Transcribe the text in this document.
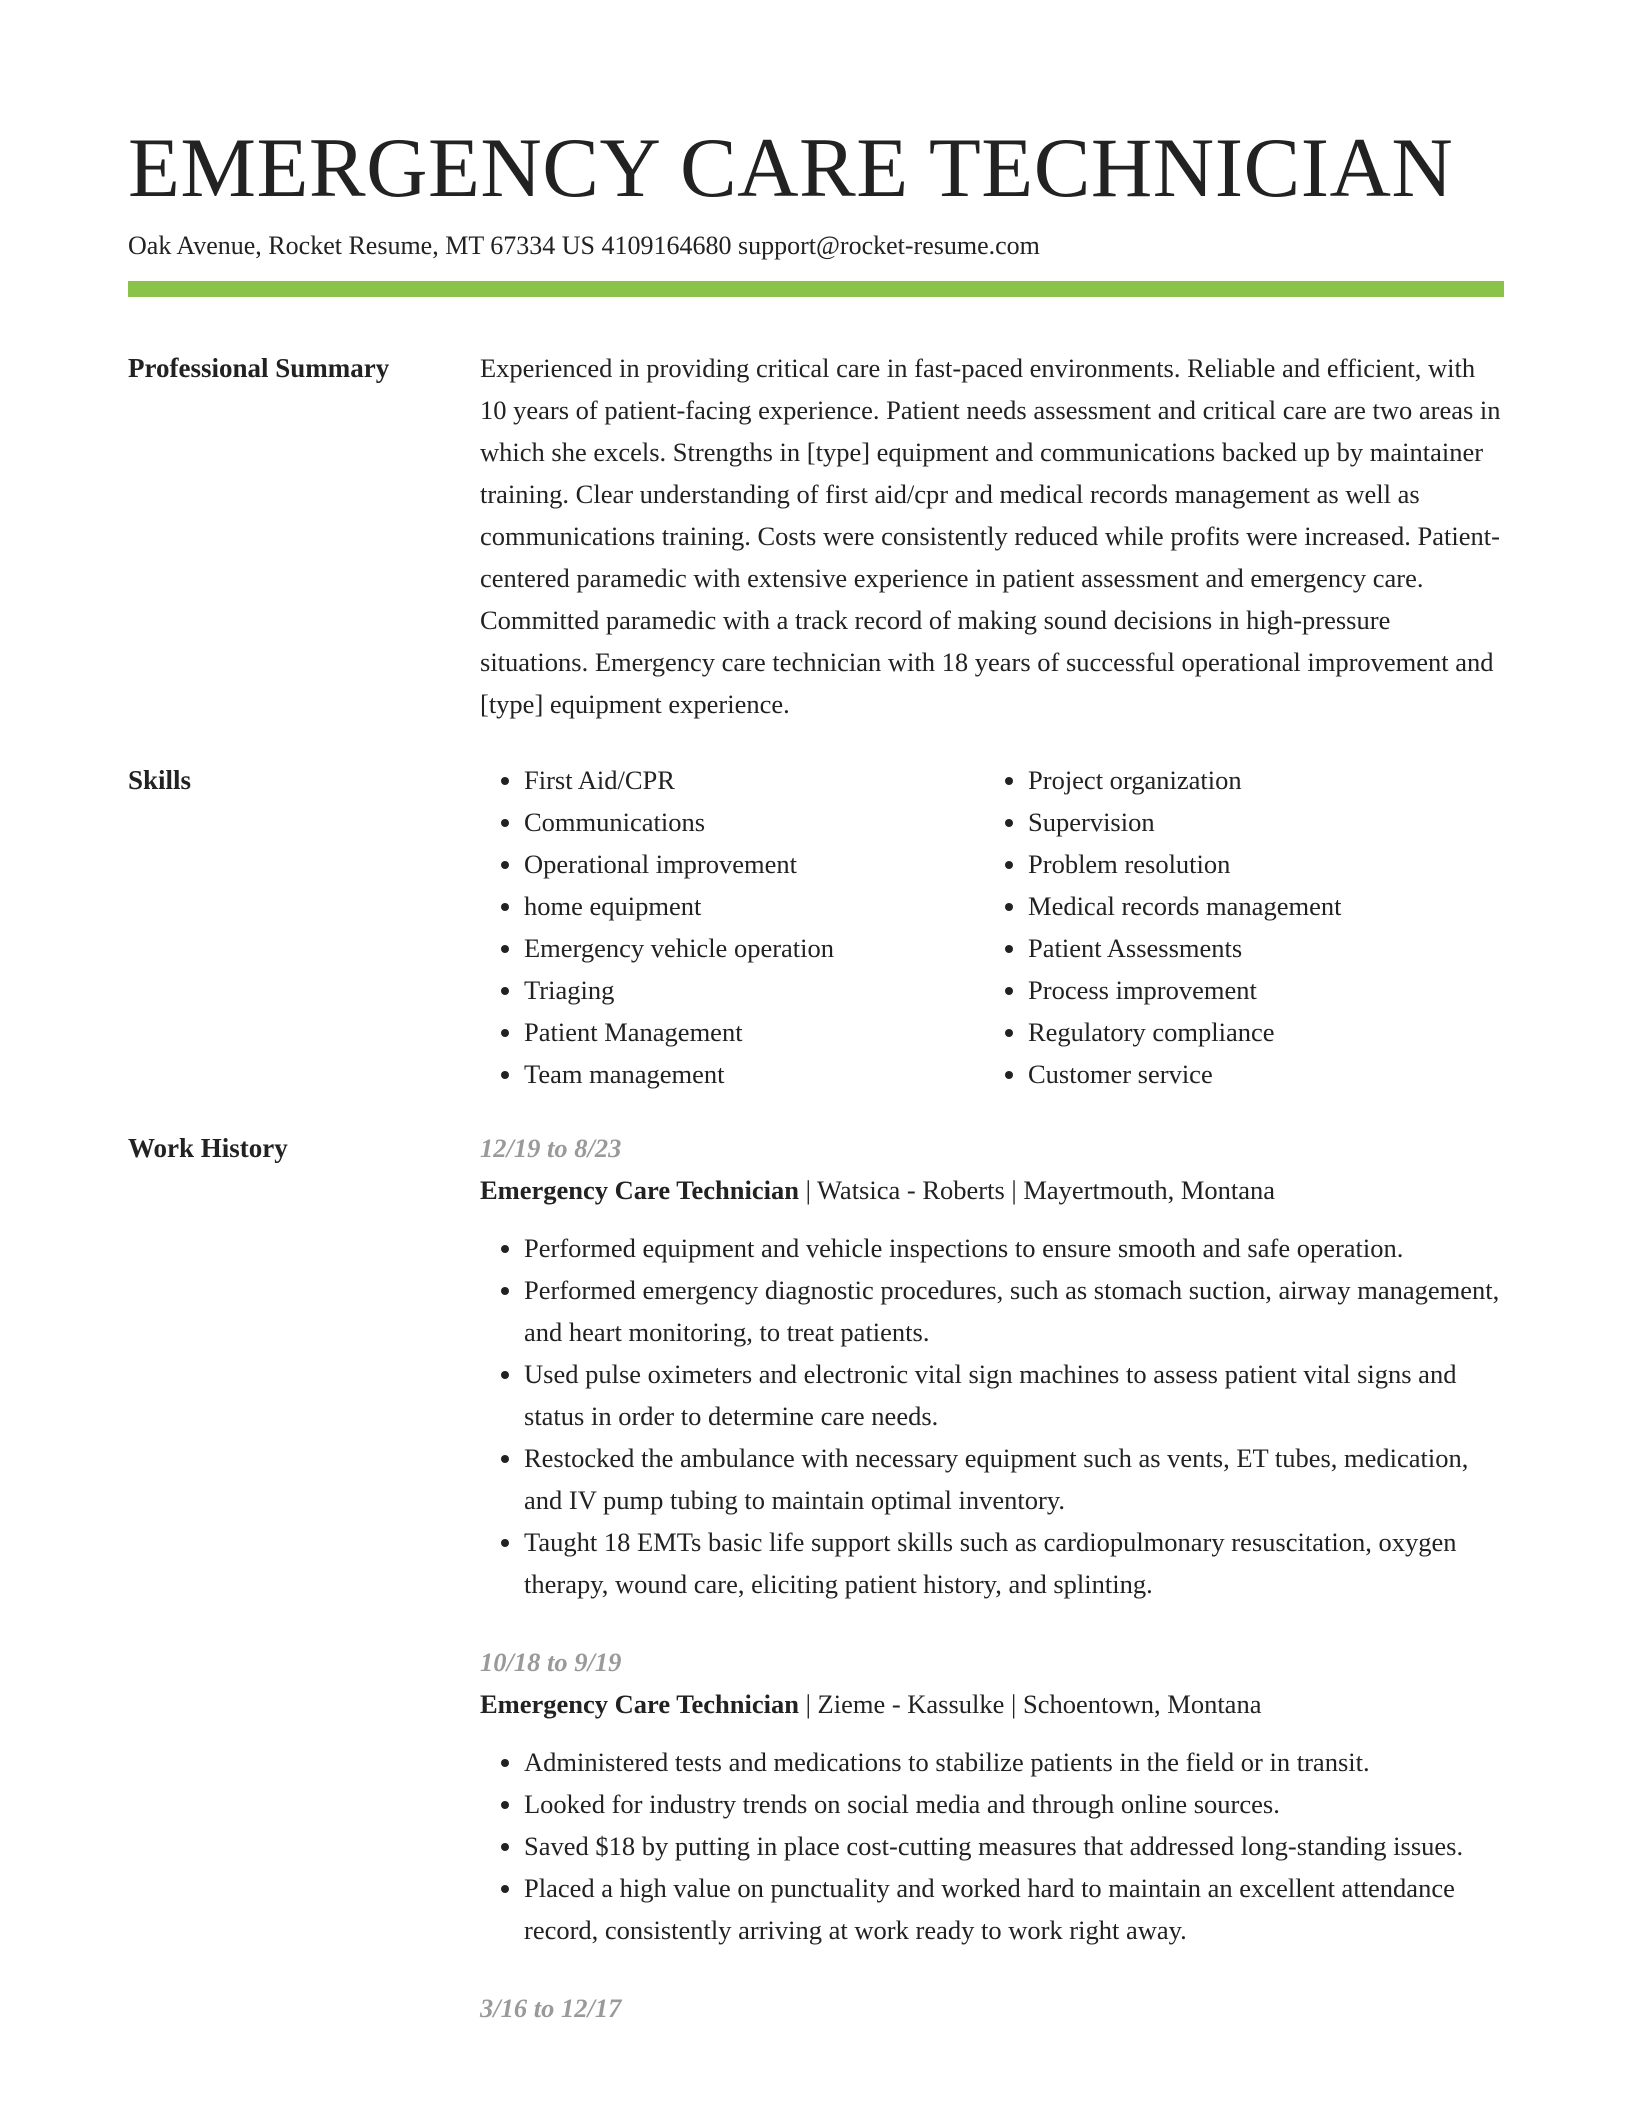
EMERGENCY CARE TECHNICIAN
Oak Avenue, Rocket Resume, MT 67334 US 4109164680 support@rocket-resume.com
Professional Summary	Experienced in providing critical care in fast-paced environments. Reliable and efficient, with 10 years of patient-facing experience. Patient needs assessment and critical care are two areas in which she excels. Strengths in [type] equipment and communications backed up by maintainer training. Clear understanding of first aid/cpr and medical records management as well as communications training. Costs were consistently reduced while profits were increased. Patient-centered paramedic with extensive experience in patient assessment and emergency care. Committed paramedic with a track record of making sound decisions in high-pressure situations. Emergency care technician with 18 years of successful operational improvement and [type] equipment experience.

Skills
•	First Aid/CPR
• Communications
• Operational improvement
• home equipment
• Emergency vehicle operation
• Triaging
• Patient Management
• Team management
• Project organization
• Supervision
• Problem resolution
• Medical records management
• Patient Assessments
• Process improvement
• Regulatory compliance
• Customer service
Work History	12/19 to 8/23
Emergency Care Technician | Watsica - Roberts | Mayertmouth, Montana
• Performed equipment and vehicle inspections to ensure smooth and safe operation.
• Performed emergency diagnostic procedures, such as stomach suction, airway management, and heart monitoring, to treat patients.
• Used pulse oximeters and electronic vital sign machines to assess patient vital signs and status in order to determine care needs.
• Restocked the ambulance with necessary equipment such as vents, ET tubes, medication, and IV pump tubing to maintain optimal inventory.
• Taught 18 EMTs basic life support skills such as cardiopulmonary resuscitation, oxygen therapy, wound care, eliciting patient history, and splinting.
10/18 to 9/19
Emergency Care Technician | Zieme - Kassulke | Schoentown, Montana
• Administered tests and medications to stabilize patients in the field or in transit.
• Looked for industry trends on social media and through online sources.
• Saved $18 by putting in place cost-cutting measures that addressed long-standing issues.
• Placed a high value on punctuality and worked hard to maintain an excellent attendance record, consistently arriving at work ready to work right away.
3/16 to 12/17
